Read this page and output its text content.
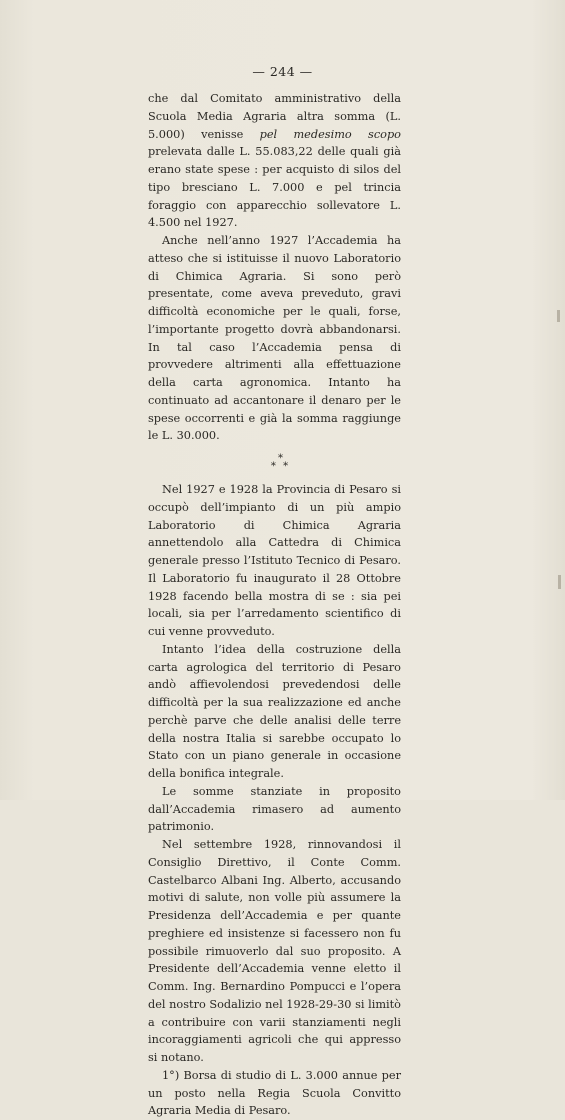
— 244 —

che dal Comitato amministrativo della Scuola Media Agraria altra somma (L. 5.000) venisse pel medesimo scopo prelevata dalle L. 55.083,22 delle quali già erano state spese : per acquisto di silos del tipo bresciano L. 7.000 e pel trincia foraggio con apparecchio sollevatore L. 4.500 nel 1927.

Anche nell’anno 1927 l’Accademia ha atteso che si istituisse il nuovo Laboratorio di Chimica Agraria. Si sono però presentate, come aveva preveduto, gravi difficoltà economiche per le quali, forse, l’importante progetto dovrà abbandonarsi. In tal caso l’Accademia pensa di provvedere altrimenti alla effettuazione della carta agronomica. Intanto ha continuato ad accantonare il denaro per le spese occorrenti e già la somma raggiunge le L. 30.000.

*
* *

Nel 1927 e 1928 la Provincia di Pesaro si occupò dell’impianto di un più ampio Laboratorio di Chimica Agraria annettendolo alla Cattedra di Chimica generale presso l’Istituto Tecnico di Pesaro. Il Laboratorio fu inaugurato il 28 Ottobre 1928 facendo bella mostra di se : sia pei locali, sia per l’arredamento scientifico di cui venne provveduto.

Intanto l’idea della costruzione della carta agrologica del territorio di Pesaro andò affievolendosi prevedendosi delle difficoltà per la sua realizzazione ed anche perchè parve che delle analisi delle terre della nostra Italia si sarebbe occupato lo Stato con un piano generale in occasione della bonifica integrale.

Le somme stanziate in proposito dall’Accademia rimasero ad aumento patrimonio.

Nel settembre 1928, rinnovandosi il Consiglio Direttivo, il Conte Comm. Castelbarco Albani Ing. Alberto, accusando motivi di salute, non volle più assumere la Presidenza dell’Accademia e per quante preghiere ed insistenze si facessero non fu possibile rimuoverlo dal suo proposito. A Presidente dell’Accademia venne eletto il Comm. Ing. Bernardino Pompucci e l’opera del nostro Sodalizio nel 1928-29-30 si limitò a contribuire con varii stanziamenti negli incoraggiamenti agricoli che qui appresso si notano.

1°) Borsa di studio di L. 3.000 annue per un posto nella Regia Scuola Convitto Agraria Media di Pesaro.
